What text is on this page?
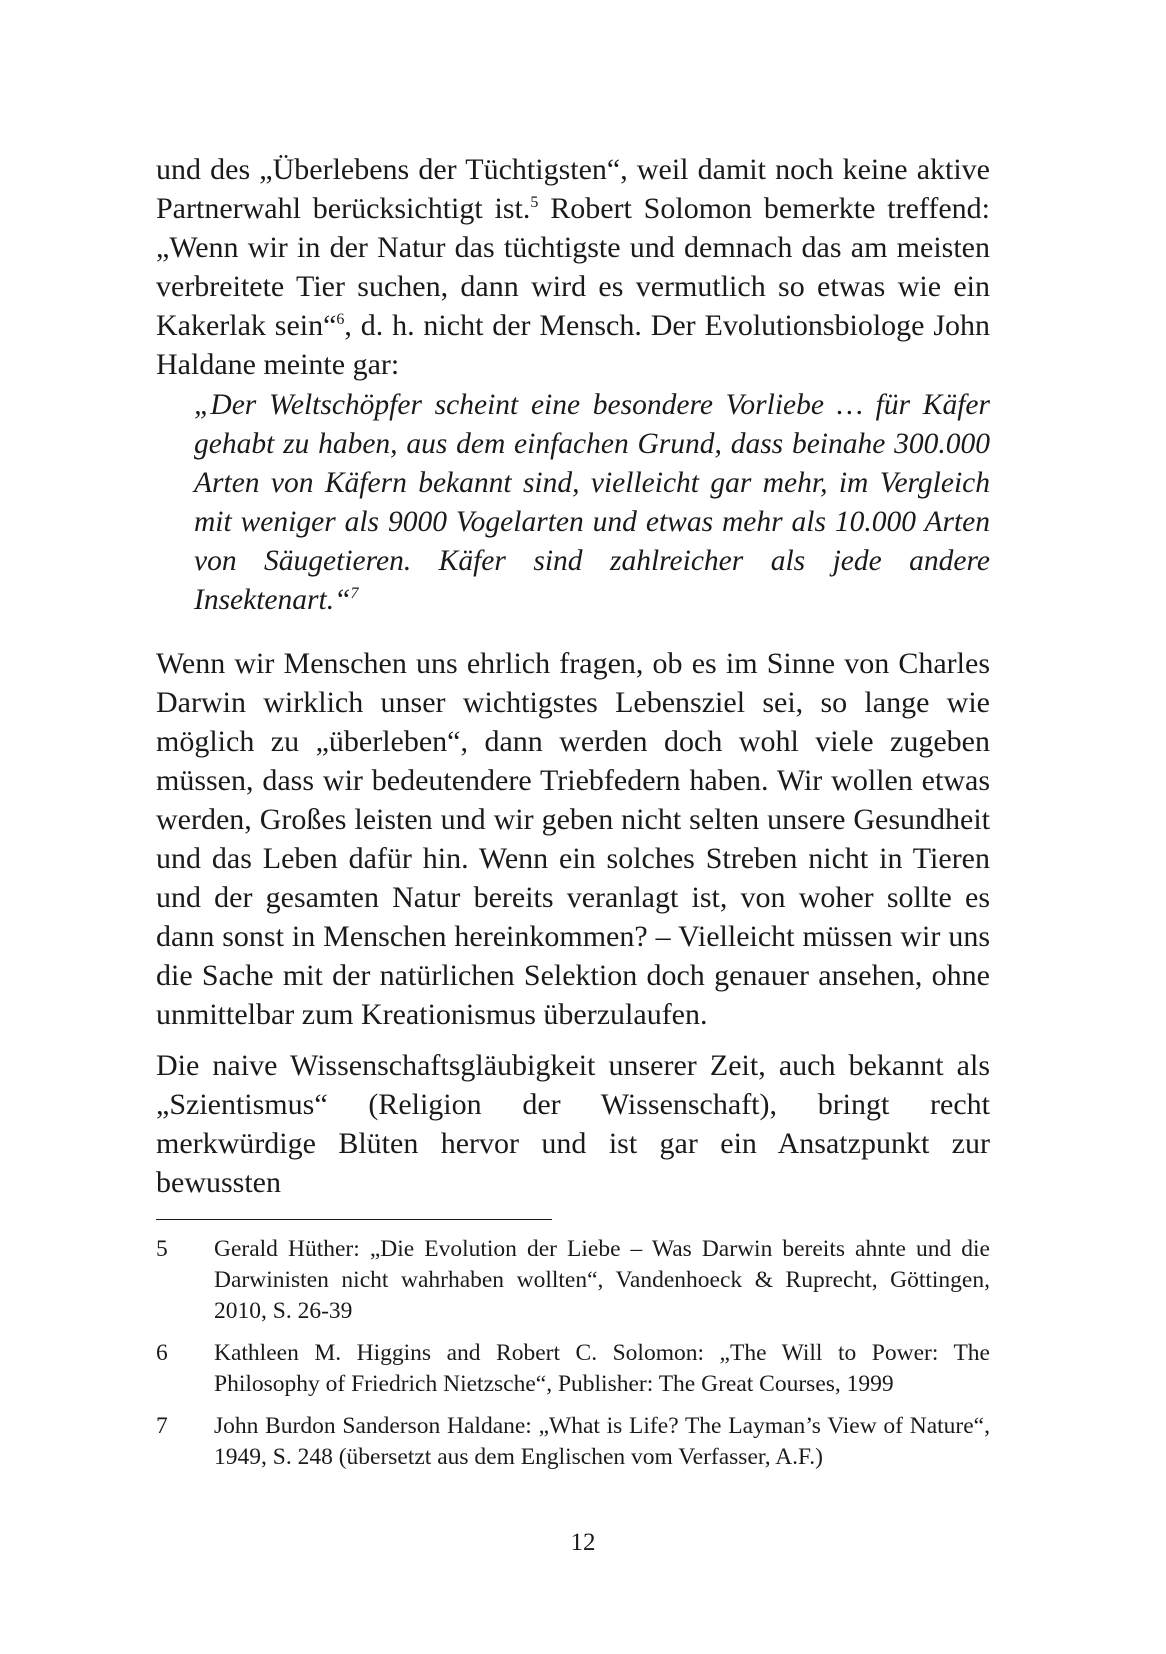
und des „Überlebens der Tüchtigsten“, weil damit noch keine aktive Partnerwahl berücksichtigt ist.$^5$ Robert Solomon bemerkte treffend: „Wenn wir in der Natur das tüchtigste und demnach das am meisten verbreitete Tier suchen, dann wird es vermutlich so etwas wie ein Kakerlak sein“$^6$, d. h. nicht der Mensch. Der Evolutionsbiologe John Haldane meinte gar:

„Der Weltschöpfer scheint eine besondere Vorliebe … für Käfer gehabt zu haben, aus dem einfachen Grund, dass beinahe 300.000 Arten von Käfern bekannt sind, vielleicht gar mehr, im Vergleich mit weniger als 9000 Vogelarten und etwas mehr als 10.000 Arten von Säugetieren. Käfer sind zahlreicher als jede andere Insektenart.“$^7$

Wenn wir Menschen uns ehrlich fragen, ob es im Sinne von Charles Darwin wirklich unser wichtigstes Lebensziel sei, so lange wie möglich zu „überleben“, dann werden doch wohl viele zugeben müssen, dass wir bedeutendere Triebfedern haben. Wir wollen etwas werden, Großes leisten und wir geben nicht selten unsere Gesundheit und das Leben dafür hin. Wenn ein solches Streben nicht in Tieren und der gesamten Natur bereits veranlagt ist, von woher sollte es dann sonst in Menschen hereinkommen? – Vielleicht müssen wir uns die Sache mit der natürlichen Selektion doch genauer ansehen, ohne unmittelbar zum Kreationismus überzulaufen.

Die naive Wissenschaftsgläubigkeit unserer Zeit, auch bekannt als „Szientismus“ (Religion der Wissenschaft), bringt recht merkwürdige Blüten hervor und ist gar ein Ansatzpunkt zur bewussten

5	Gerald Hüther: „Die Evolution der Liebe – Was Darwin bereits ahnte und die Darwinisten nicht wahrhaben wollten“, Vandenhoeck & Ruprecht, Göttingen, 2010, S. 26-39
6	Kathleen M. Higgins and Robert C. Solomon: „The Will to Power: The Philosophy of Friedrich Nietzsche“, Publisher: The Great Courses, 1999
7	John Burdon Sanderson Haldane: „What is Life? The Layman’s View of Nature“, 1949, S. 248 (übersetzt aus dem Englischen vom Verfasser, A.F.)
12
